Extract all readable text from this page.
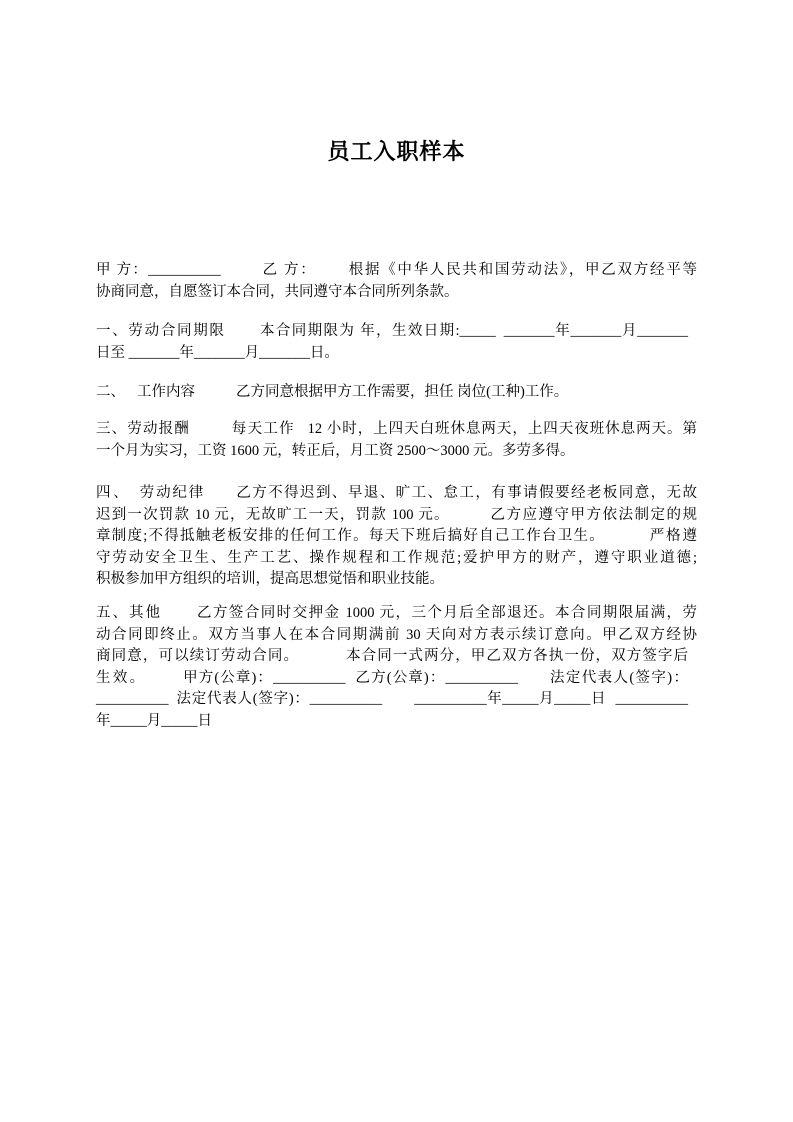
员工入职样本
甲 方：__________	乙 方： 根据《中华人民共和国劳动法》，甲乙双方经平等
协商同意，自愿签订本合同，共同遵守本合同所列条款。
一、劳动合同期限 本合同期限为 年，生效日期:_____ _______年_______月_______
日至 _______年_______月_______日。
二、 工作内容	乙方同意根据甲方工作需要，担任 岗位(工种)工作。
三、劳动报酬	每天工作 12 小时，上四天白班休息两天，上四天夜班休息两天。第
一个月为实习，工资 1600 元，转正后，月工资 2500～3000 元。多劳多得。
四、 劳动纪律 乙方不得迟到、早退、旷工、怠工，有事请假要经老板同意，无故
迟到一次罚款 10 元，无故旷工一天，罚款 100 元。	乙方应遵守甲方依法制定的规
章制度;不得抵触老板安排的任何工作。每天下班后搞好自己工作台卫生。	严格遵
守劳动安全卫生、生产工艺、操作规程和工作规范;爱护甲方的财产，遵守职业道德;
积极参加甲方组织的培训，提高思想觉悟和职业技能。
五、其他	乙方签合同时交押金 1000 元，三个月后全部退还。本合同期限届满，劳
动合同即终止。双方当事人在本合同期满前 30 天向对方表示续订意向。甲乙双方经协
商同意，可以续订劳动合同。	本合同一式两分，甲乙双方各执一份，双方签字后
生效。	甲方(公章)：__________ 乙方(公章)：__________ 法定代表人(签字)：
__________ 法定代表人(签字)：__________ __________年_____月_____日 __________
年_____月_____日
